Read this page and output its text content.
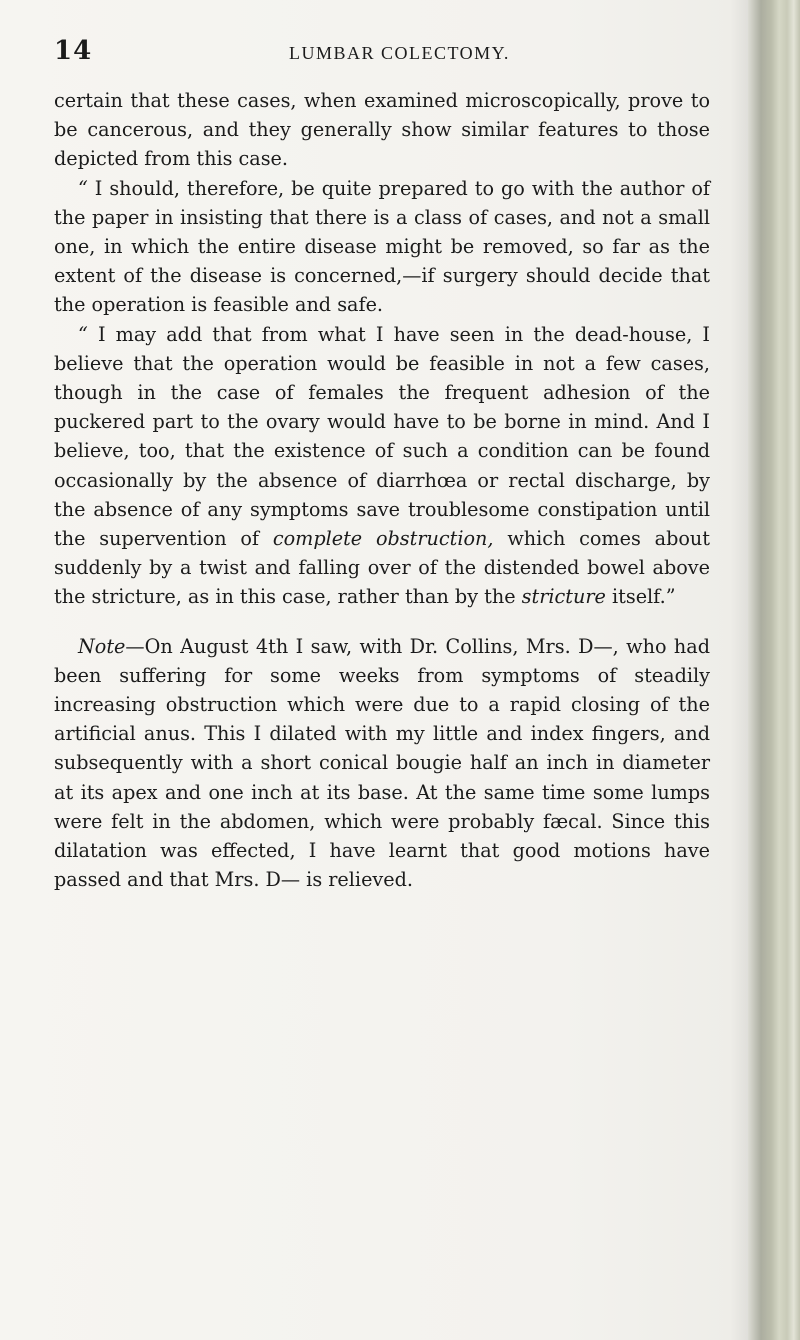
14	LUMBAR COLECTOMY.

certain that these cases, when examined microscopically, prove to be cancerous, and they generally show similar features to those depicted from this case.

“ I should, therefore, be quite prepared to go with the author of the paper in insisting that there is a class of cases, and not a small one, in which the entire disease might be removed, so far as the extent of the disease is concerned,—if surgery should decide that the operation is feasible and safe.

“ I may add that from what I have seen in the dead-house, I believe that the operation would be feasible in not a few cases, though in the case of females the frequent adhesion of the puckered part to the ovary would have to be borne in mind. And I believe, too, that the existence of such a condition can be found occasionally by the absence of diarrhœa or rectal discharge, by the absence of any symptoms save troublesome constipation until the supervention of complete obstruction, which comes about suddenly by a twist and falling over of the distended bowel above the stricture, as in this case, rather than by the stricture itself.”

Note—On August 4th I saw, with Dr. Collins, Mrs. D—, who had been suffering for some weeks from symptoms of steadily increasing obstruction which were due to a rapid closing of the artificial anus. This I dilated with my little and index fingers, and subsequently with a short conical bougie half an inch in diameter at its apex and one inch at its base. At the same time some lumps were felt in the abdomen, which were probably fæcal. Since this dilatation was effected, I have learnt that good motions have passed and that Mrs. D— is relieved.
